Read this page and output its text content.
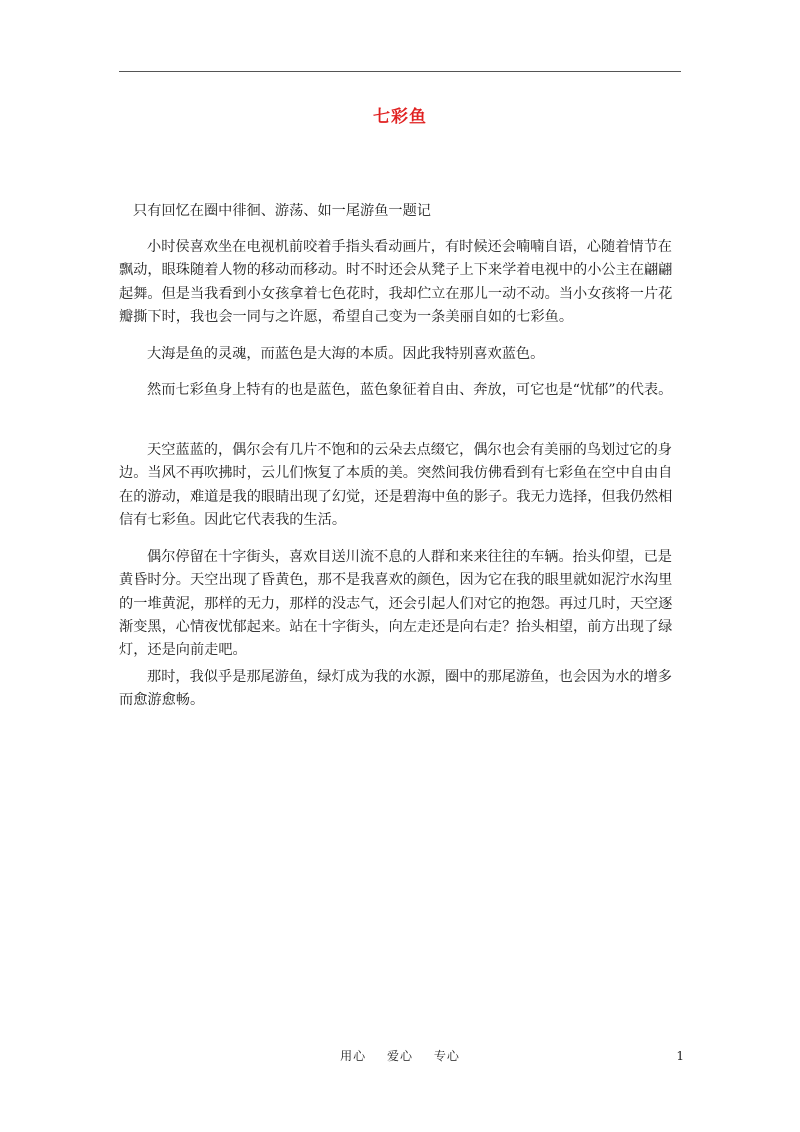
七彩鱼

只有回忆在圈中徘徊、游荡、如一尾游鱼一题记

小时侯喜欢坐在电视机前咬着手指头看动画片，有时候还会喃喃自语，心随着情节在飘动，眼珠随着人物的移动而移动。时不时还会从凳子上下来学着电视中的小公主在翩翩起舞。但是当我看到小女孩拿着七色花时，我却伫立在那儿一动不动。当小女孩将一片花瓣撕下时，我也会一同与之许愿，希望自己变为一条美丽自如的七彩鱼。

大海是鱼的灵魂，而蓝色是大海的本质。因此我特别喜欢蓝色。

然而七彩鱼身上特有的也是蓝色，蓝色象征着自由、奔放，可它也是“忧郁”的代表。

天空蓝蓝的，偶尔会有几片不饱和的云朵去点缀它，偶尔也会有美丽的鸟划过它的身边。当风不再吹拂时，云儿们恢复了本质的美。突然间我仿佛看到有七彩鱼在空中自由自在的游动，难道是我的眼睛出现了幻觉，还是碧海中鱼的影子。我无力选择，但我仍然相信有七彩鱼。因此它代表我的生活。

偶尔停留在十字街头，喜欢目送川流不息的人群和来来往往的车辆。抬头仰望，已是黄昏时分。天空出现了昏黄色，那不是我喜欢的颜色，因为它在我的眼里就如泥泞水沟里的一堆黄泥，那样的无力，那样的没志气，还会引起人们对它的抱怨。再过几时，天空逐渐变黑，心情夜忧郁起来。站在十字街头，向左走还是向右走？抬头相望，前方出现了绿灯，还是向前走吧。

那时，我似乎是那尾游鱼，绿灯成为我的水源，圈中的那尾游鱼，也会因为水的增多而愈游愈畅。

用心 爱心 专心	1
